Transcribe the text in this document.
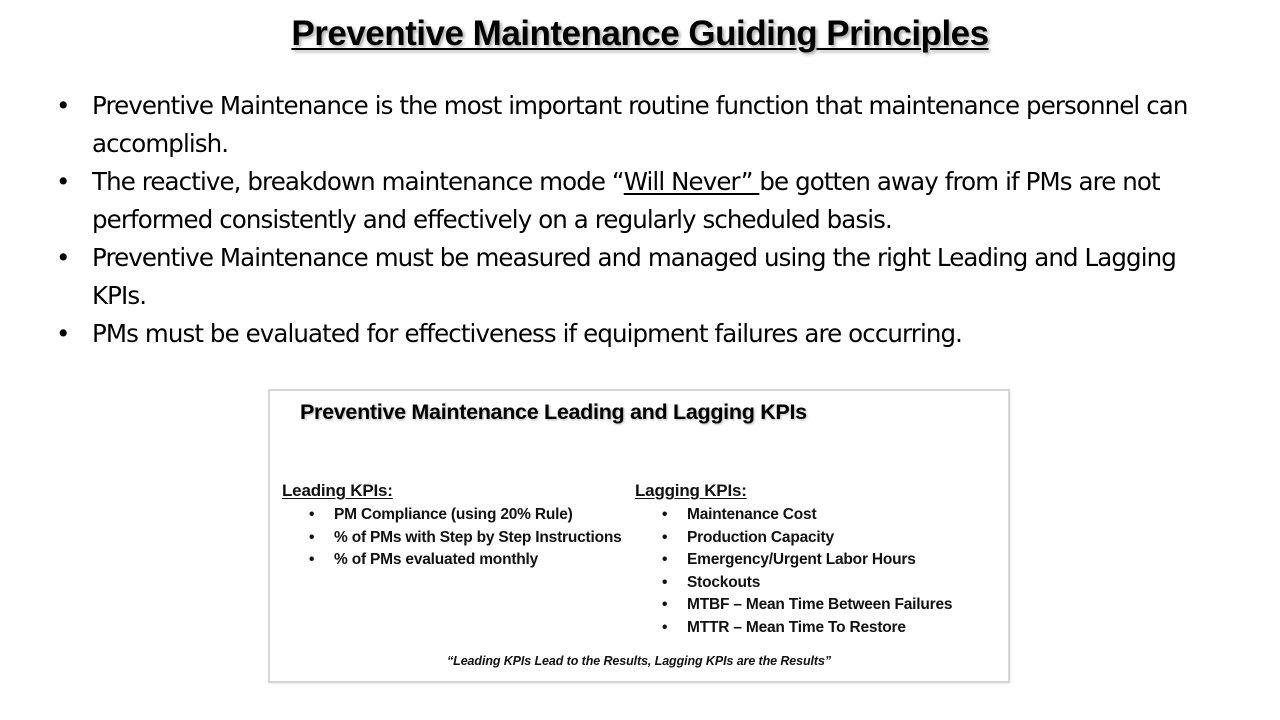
Preventive Maintenance Guiding Principles
• Preventive Maintenance is the most important routine function that maintenance personnel can accomplish.
• The reactive, breakdown maintenance mode “Will Never” be gotten away from if PMs are not performed consistently and effectively on a regularly scheduled basis.
• Preventive Maintenance must be measured and managed using the right Leading and Lagging KPIs.
• PMs must be evaluated for effectiveness if equipment failures are occurring.
Preventive Maintenance Leading and Lagging KPIs
Leading KPIs:
• PM Compliance (using 20% Rule)
• % of PMs with Step by Step Instructions
• % of PMs evaluated monthly
Lagging KPIs:
• Maintenance Cost
• Production Capacity
• Emergency/Urgent Labor Hours
• Stockouts
• MTBF – Mean Time Between Failures
• MTTR – Mean Time To Restore
“Leading KPIs Lead to the Results, Lagging KPIs are the Results”
